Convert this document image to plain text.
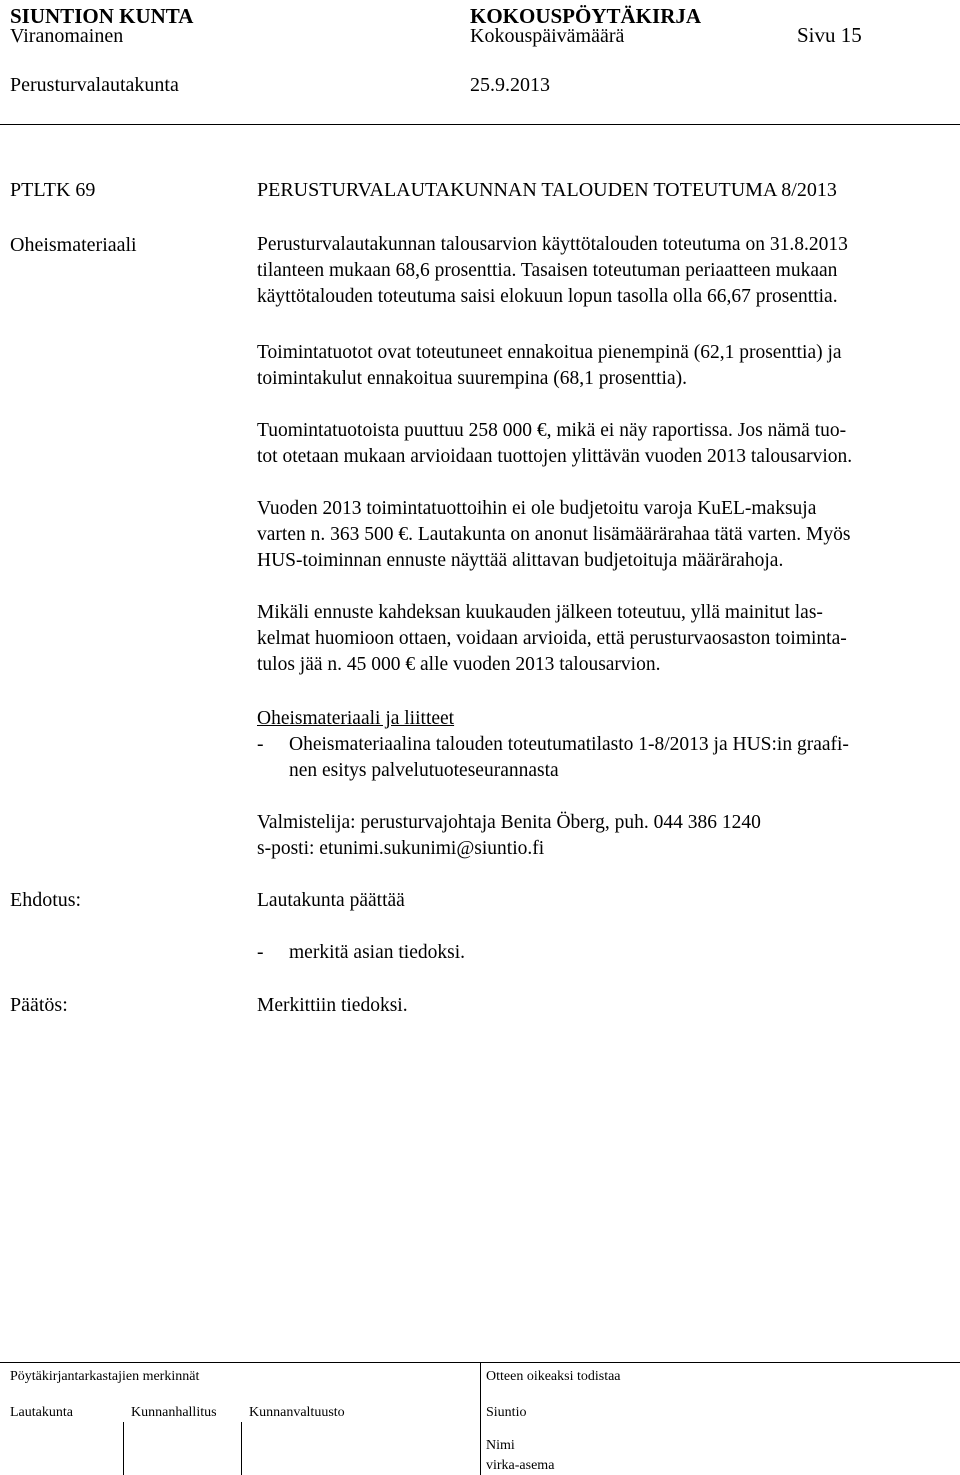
SIUNTION KUNTA	KOKOUSPÖYTÄKIRJA
Viranomainen	Kokouspäivämäärä	Sivu 15
Perusturvalautakunta	25.9.2013
PTLTK 69	PERUSTURVALAUTAKUNNAN TALOUDEN TOTEUTUMA 8/2013
Oheismateriaali	Perusturvalautakunnan talousarvion käyttötalouden toteutuma on 31.8.2013
tilanteen mukaan 68,6 prosenttia. Tasaisen toteutuman periaatteen mukaan
käyttötalouden toteutuma saisi elokuun lopun tasolla olla 66,67 prosenttia.
Toimintatuotot ovat toteutuneet ennakoitua pienempinä (62,1 prosenttia) ja
toimintakulut ennakoitua suurempina (68,1 prosenttia).
Tuomintatuotoista puuttuu 258 000 €, mikä ei näy raportissa. Jos nämä tuo-
tot otetaan mukaan arvioidaan tuottojen ylittävän vuoden 2013 talousarvion.
Vuoden 2013 toimintatuottoihin ei ole budjetoitu varoja KuEL-maksuja
varten n. 363 500 €. Lautakunta on anonut lisämäärärahaa tätä varten. Myös
HUS-toiminnan ennuste näyttää alittavan budjetoituja määrärahoja.
Mikäli ennuste kahdeksan kuukauden jälkeen toteutuu, yllä mainitut las-
kelmat huomioon ottaen, voidaan arvioida, että perusturvaosaston toiminta-
tulos jää n. 45 000 € alle vuoden 2013 talousarvion.
Oheismateriaali ja liitteet
- Oheismateriaalina talouden toteutumatilasto 1-8/2013 ja HUS:in graafi-
nen esitys palvelutuoteseurannasta
Valmistelija: perusturvajohtaja Benita Öberg, puh. 044 386 1240
s-posti: etunimi.sukunimi@siuntio.fi
Ehdotus:	Lautakunta päättää
- merkitä asian tiedoksi.
Päätös:	Merkittiin tiedoksi.
Pöytäkirjantarkastajien merkinnät	Otteen oikeaksi todistaa
Lautakunta	Kunnanhallitus Kunnanvaltuusto	Siuntio
Nimi
virka-asema
